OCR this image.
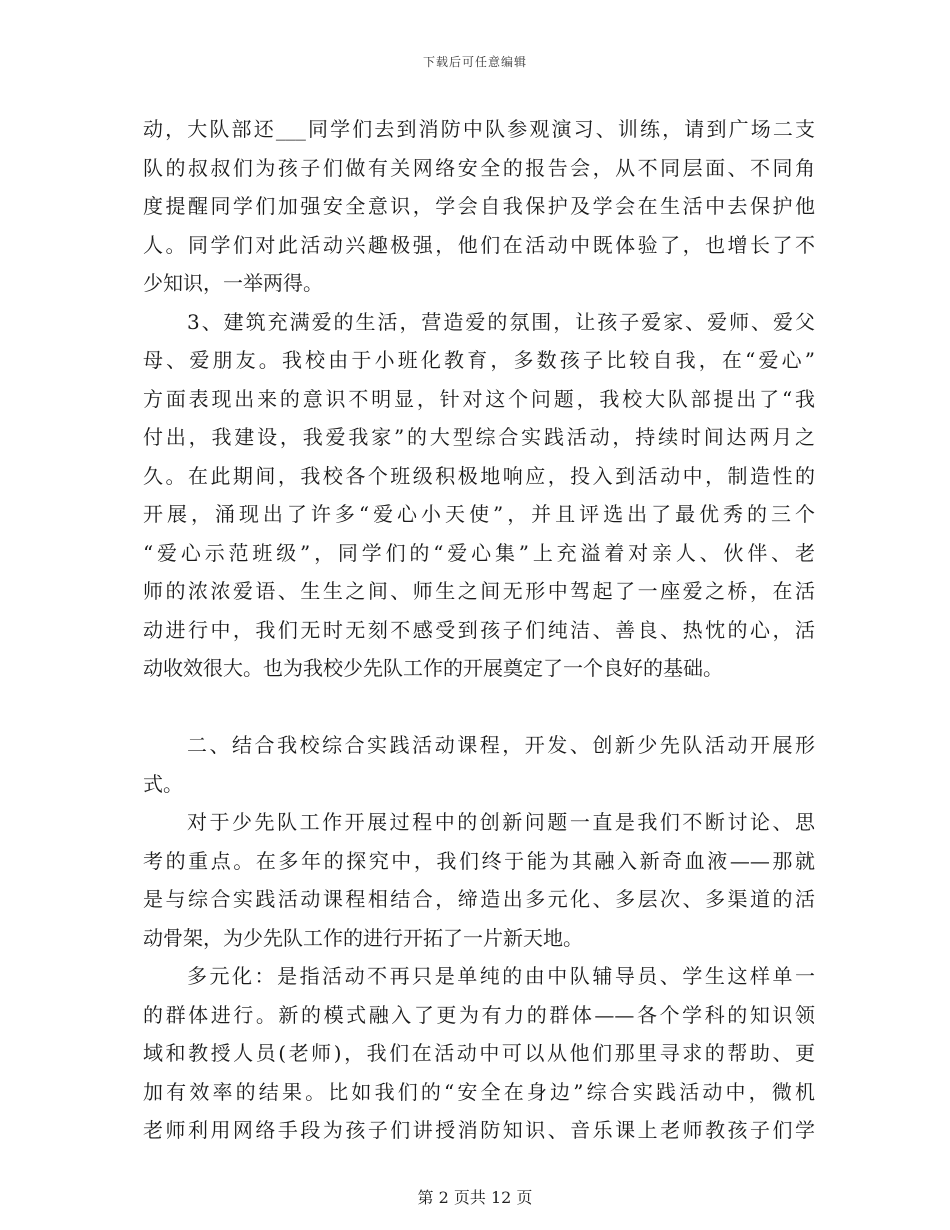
下载后可任意编辑
动，大队部还___同学们去到消防中队参观演习、训练，请到广场二支
队的叔叔们为孩子们做有关网络安全的报告会，从不同层面、不同角
度提醒同学们加强安全意识，学会自我保护及学会在生活中去保护他
人。同学们对此活动兴趣极强，他们在活动中既体验了，也增长了不
少知识，一举两得。
3、建筑充满爱的生活，营造爱的氛围，让孩子爱家、爱师、爱父
母、爱朋友。我校由于小班化教育，多数孩子比较自我，在“爱心”
方面表现出来的意识不明显，针对这个问题，我校大队部提出了“我
付出，我建设，我爱我家”的大型综合实践活动，持续时间达两月之
久。在此期间，我校各个班级积极地响应，投入到活动中，制造性的
开展，涌现出了许多“爱心小天使”，并且评选出了最优秀的三个
“爱心示范班级”，同学们的“爱心集”上充溢着对亲人、伙伴、老
师的浓浓爱语、生生之间、师生之间无形中驾起了一座爱之桥，在活
动进行中，我们无时无刻不感受到孩子们纯洁、善良、热忱的心，活
动收效很大。也为我校少先队工作的开展奠定了一个良好的基础。
二、结合我校综合实践活动课程，开发、创新少先队活动开展形
式。
对于少先队工作开展过程中的创新问题一直是我们不断讨论、思
考的重点。在多年的探究中，我们终于能为其融入新奇血液——那就
是与综合实践活动课程相结合，缔造出多元化、多层次、多渠道的活
动骨架，为少先队工作的进行开拓了一片新天地。
多元化：是指活动不再只是单纯的由中队辅导员、学生这样单一
的群体进行。新的模式融入了更为有力的群体——各个学科的知识领
域和教授人员(老师)，我们在活动中可以从他们那里寻求的帮助、更
加有效率的结果。比如我们的“安全在身边”综合实践活动中，微机
老师利用网络手段为孩子们讲授消防知识、音乐课上老师教孩子们学
第 2 页共 12 页
